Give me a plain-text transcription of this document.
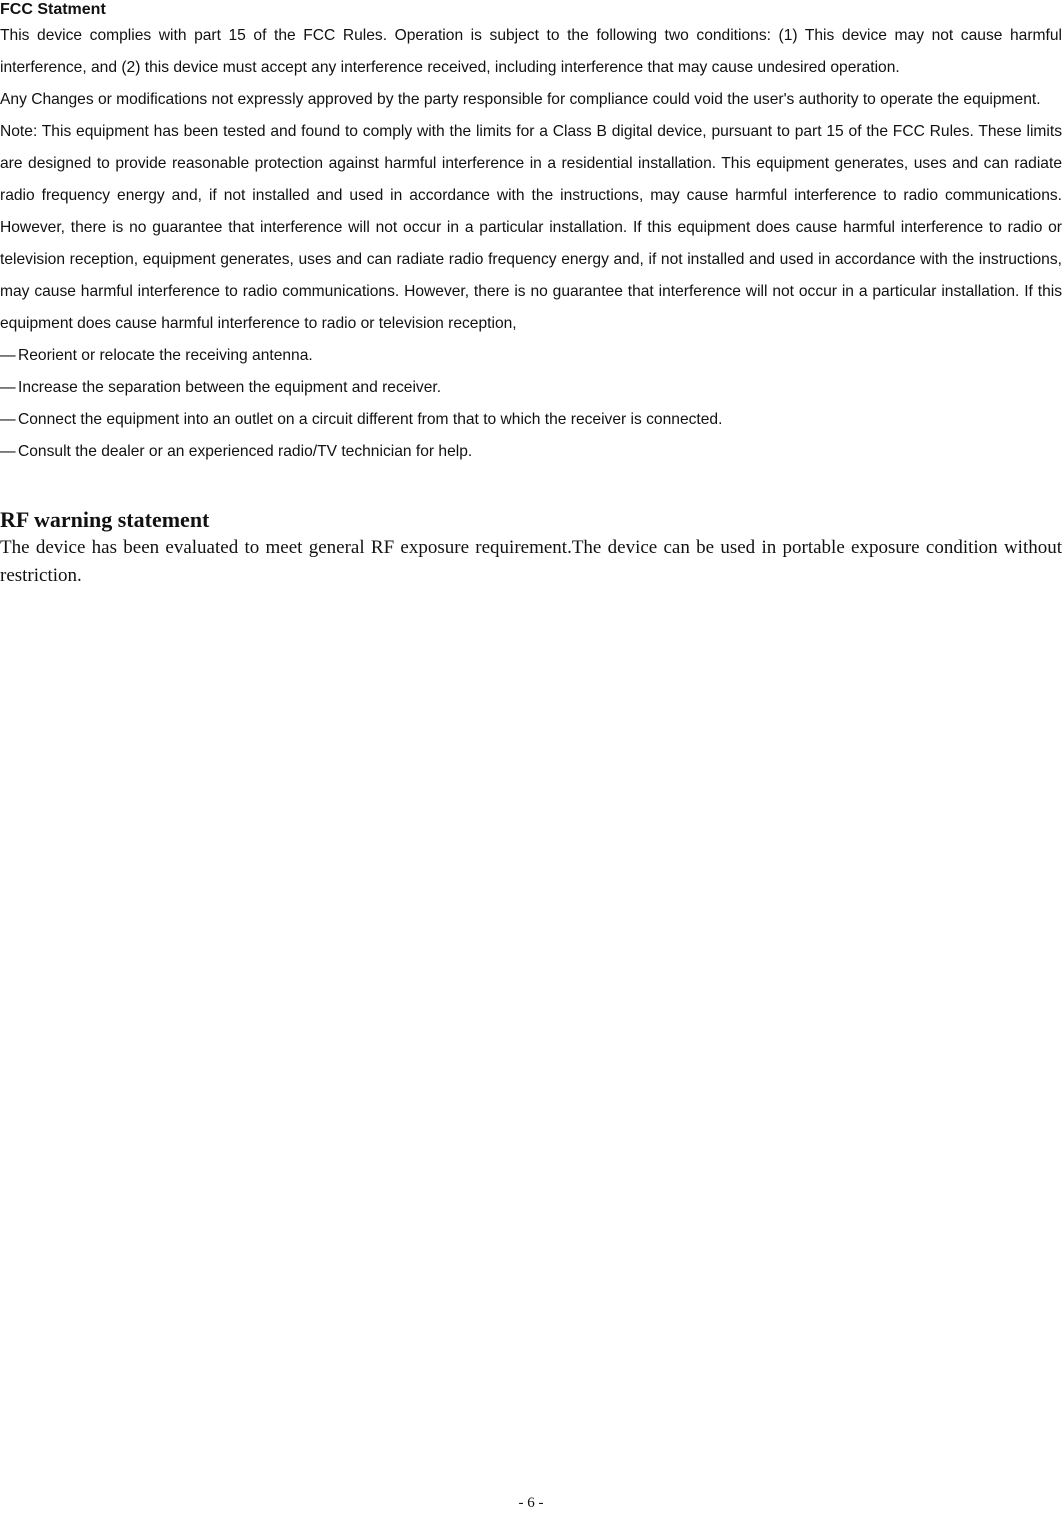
FCC Statment

This device complies with part 15 of the FCC Rules. Operation is subject to the following two conditions: (1) This device may not cause harmful interference, and (2) this device must accept any interference received, including interference that may cause undesired operation.

Any Changes or modifications not expressly approved by the party responsible for compliance could void the user's authority to operate the equipment.

Note: This equipment has been tested and found to comply with the limits for a Class B digital device, pursuant to part 15 of the FCC Rules. These limits are designed to provide reasonable protection against harmful interference in a residential installation. This equipment generates, uses and can radiate radio frequency energy and, if not installed and used in accordance with the instructions, may cause harmful interference to radio communications. However, there is no guarantee that interference will not occur in a particular installation. If this equipment does cause harmful interference to radio or television reception, equipment generates, uses and can radiate radio frequency energy and, if not installed and used in accordance with the instructions, may cause harmful interference to radio communications. However, there is no guarantee that interference will not occur in a particular installation. If this equipment does cause harmful interference to radio or television reception,

— Reorient or relocate the receiving antenna.
— Increase the separation between the equipment and receiver.
— Connect the equipment into an outlet on a circuit different from that to which the receiver is connected.
— Consult the dealer or an experienced radio/TV technician for help.
RF warning statement

The device has been evaluated to meet general RF exposure requirement.The device can be used in portable exposure condition without restriction.

- 6 -
